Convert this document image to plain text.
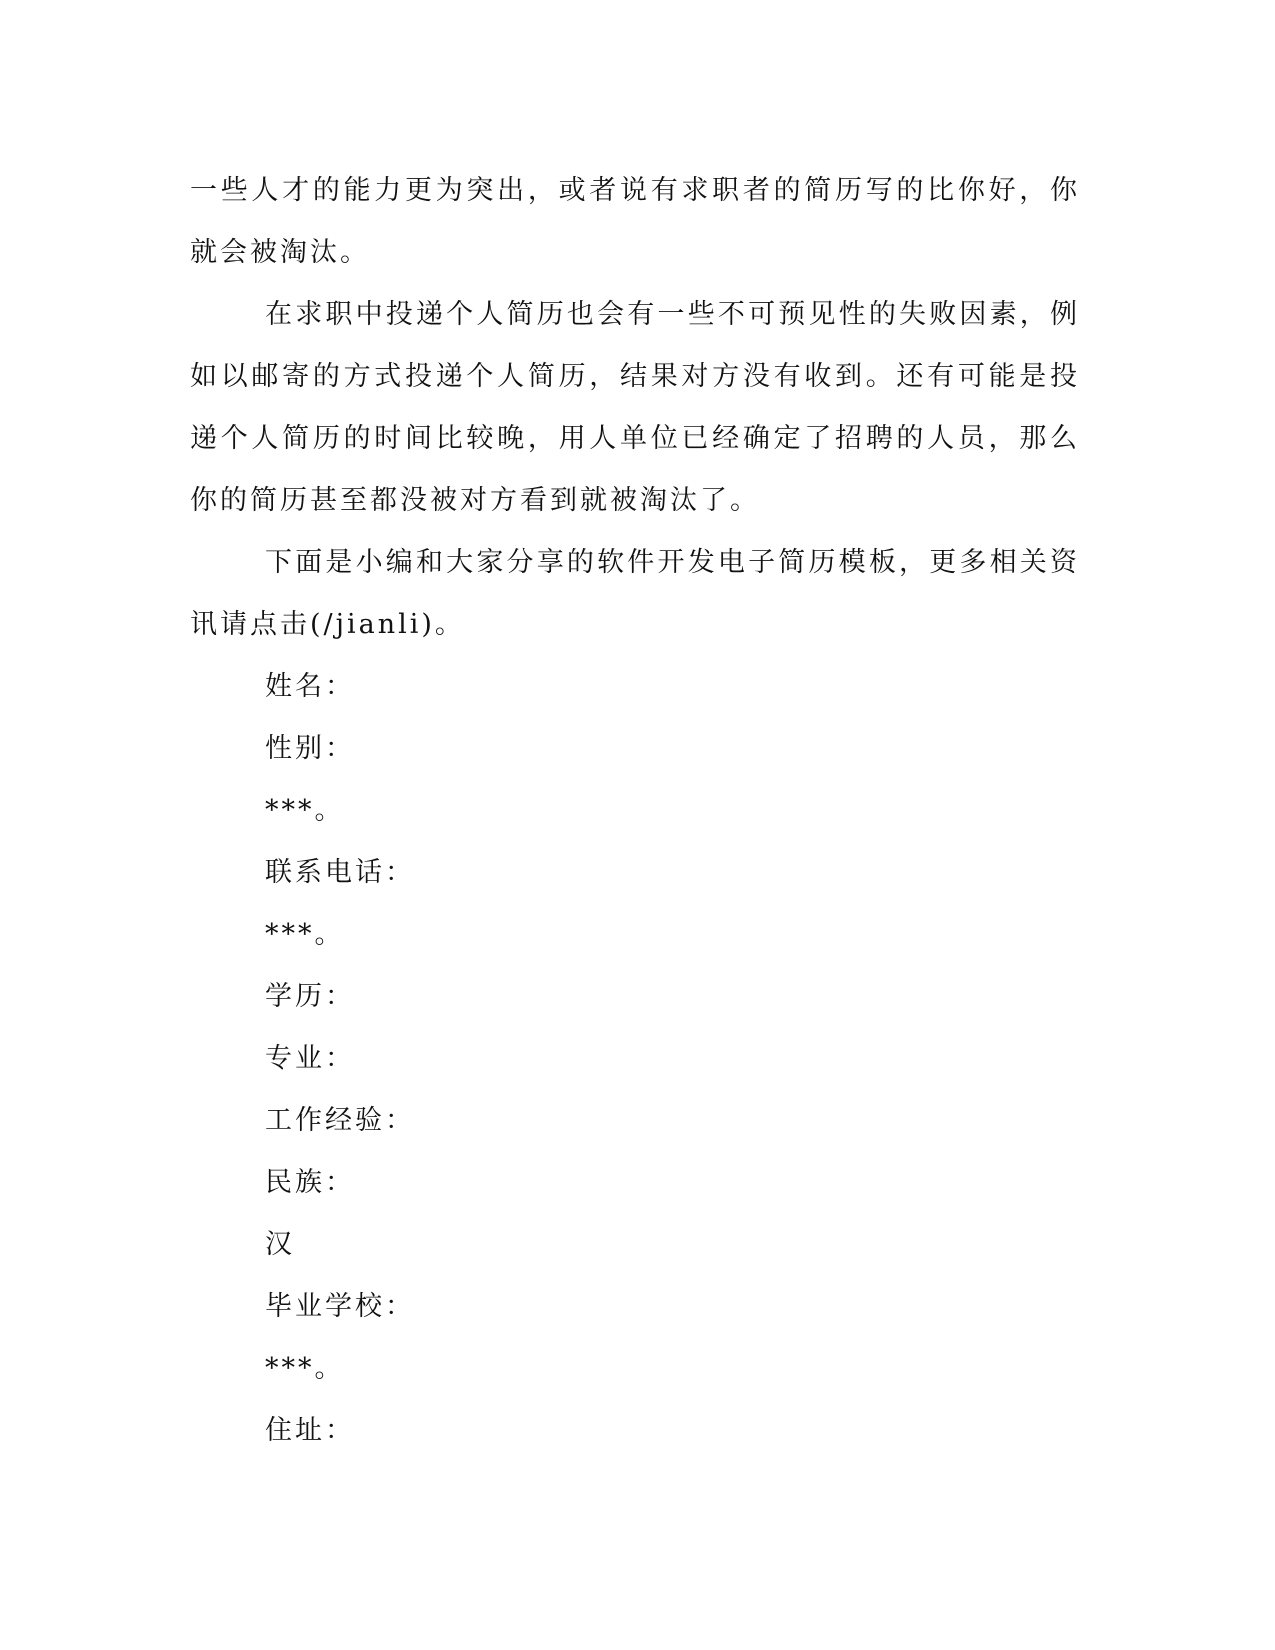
一些人才的能力更为突出，或者说有求职者的简历写的比你好，你就会被淘汰。

在求职中投递个人简历也会有一些不可预见性的失败因素，例如以邮寄的方式投递个人简历，结果对方没有收到。还有可能是投递个人简历的时间比较晚，用人单位已经确定了招聘的人员，那么你的简历甚至都没被对方看到就被淘汰了。

下面是小编和大家分享的软件开发电子简历模板，更多相关资讯请点击(/jianli)。

姓名：

性别：

***。

联系电话：

***。

学历：

专业：

工作经验：

民族：

汉

毕业学校：

***。

住址：
